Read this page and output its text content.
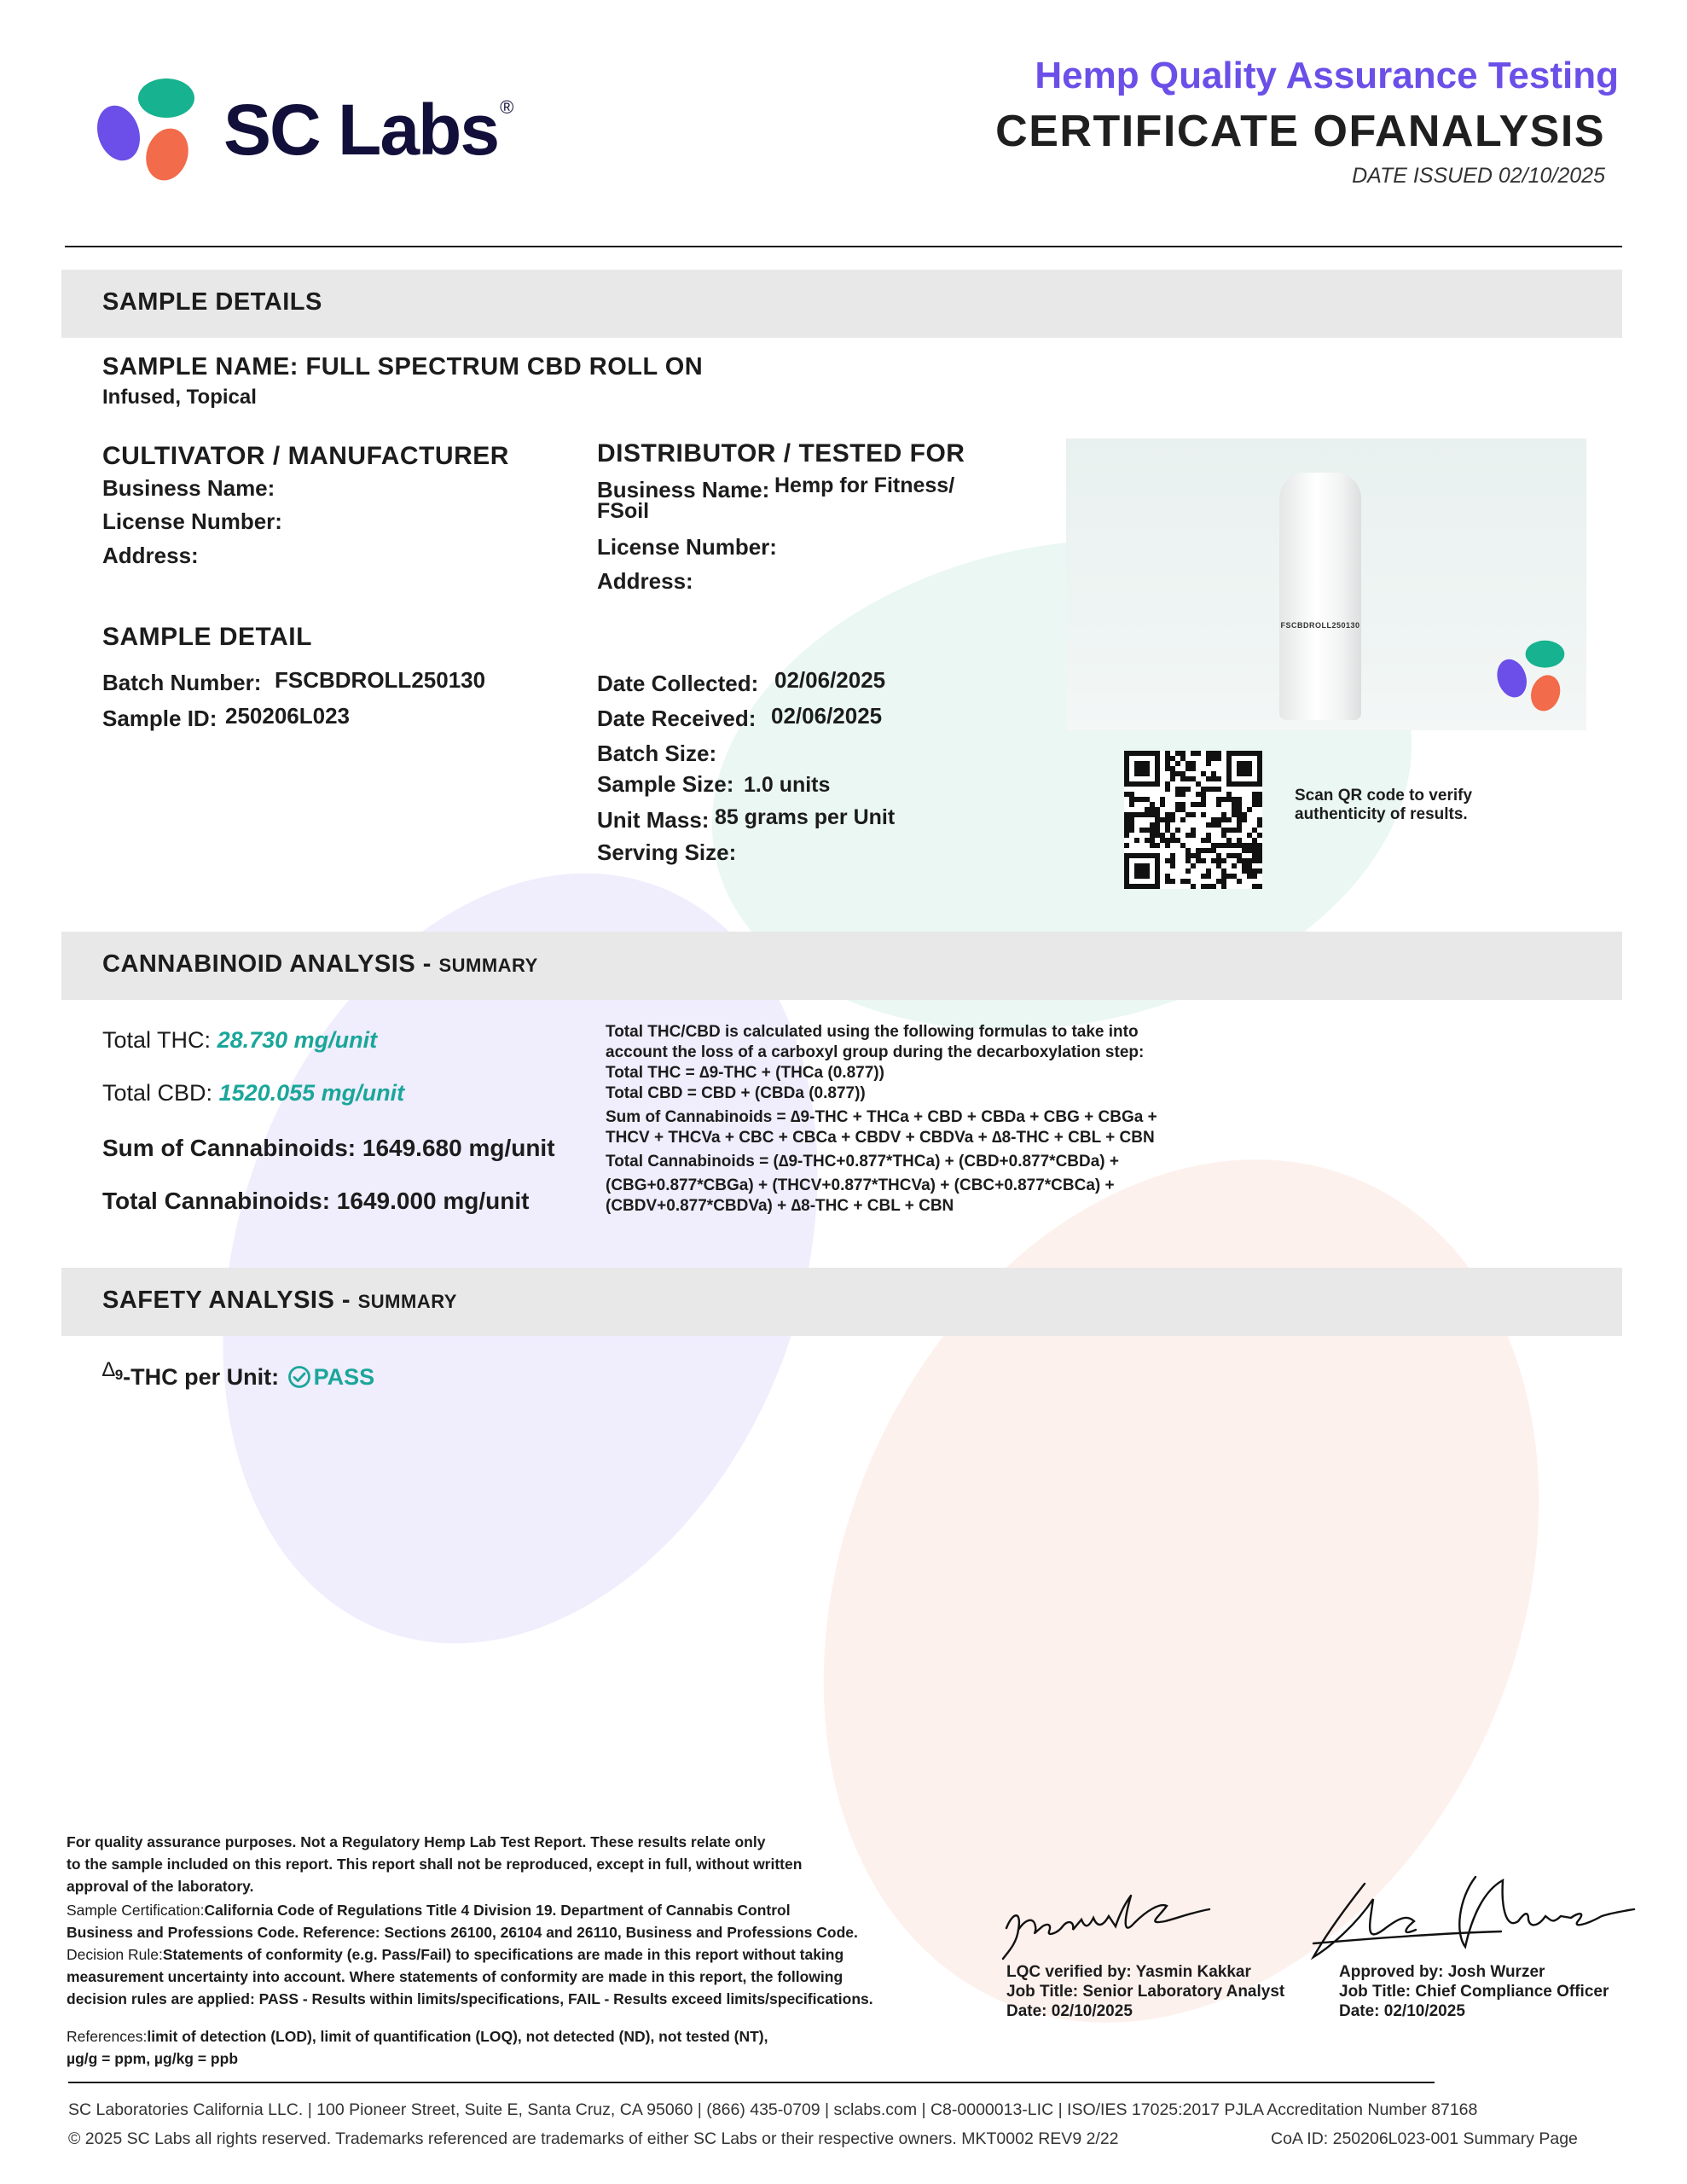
SC Labs®
Hemp Quality Assurance Testing
CERTIFICATE OFANALYSIS
DATE ISSUED 02/10/2025
SAMPLE DETAILS
SAMPLE NAME: FULL SPECTRUM CBD ROLL ON
Infused, Topical
CULTIVATOR / MANUFACTURER
Business Name:
License Number:
Address:
DISTRIBUTOR / TESTED FOR
Business Name: Hemp for Fitness/
FSoil
License Number:
Address:
SAMPLE DETAIL
Batch Number: FSCBDROLL250130
Sample ID: 250206L023
Date Collected: 02/06/2025
Date Received: 02/06/2025
Batch Size:
Sample Size: 1.0 units
Unit Mass: 85 grams per Unit
Serving Size:
FSCBDROLL250130
Scan QR code to verify
authenticity of results.
CANNABINOID ANALYSIS - SUMMARY
Total THC: 28.730 mg/unit
Total CBD: 1520.055 mg/unit
Sum of Cannabinoids: 1649.680 mg/unit
Total Cannabinoids: 1649.000 mg/unit
Total THC/CBD is calculated using the following formulas to take into
account the loss of a carboxyl group during the decarboxylation step:
Total THC = ∆9-THC + (THCa (0.877))
Total CBD = CBD + (CBDa (0.877))
Sum of Cannabinoids = ∆9-THC + THCa + CBD + CBDa + CBG + CBGa +
THCV + THCVa + CBC + CBCa + CBDV + CBDVa + ∆8-THC + CBL + CBN
Total Cannabinoids = (∆9-THC+0.877*THCa) + (CBD+0.877*CBDa) +
(CBG+0.877*CBGa) + (THCV+0.877*THCVa) + (CBC+0.877*CBCa) +
(CBDV+0.877*CBDVa) + ∆8-THC + CBL + CBN
SAFETY ANALYSIS - SUMMARY
∆$^9$-THC per Unit: PASS
For quality assurance purposes. Not a Regulatory Hemp Lab Test Report. These results relate only
to the sample included on this report. This report shall not be reproduced, except in full, without written
approval of the laboratory.
Sample Certification:California Code of Regulations Title 4 Division 19. Department of Cannabis Control
Business and Professions Code. Reference: Sections 26100, 26104 and 26110, Business and Professions Code.
Decision Rule:Statements of conformity (e.g. Pass/Fail) to specifications are made in this report without taking
measurement uncertainty into account. Where statements of conformity are made in this report, the following
decision rules are applied: PASS - Results within limits/specifications, FAIL - Results exceed limits/specifications.
References:limit of detection (LOD), limit of quantification (LOQ), not detected (ND), not tested (NT),
µg/g = ppm, µg/kg = ppb
LQC verified by: Yasmin Kakkar
Job Title: Senior Laboratory Analyst
Date: 02/10/2025
Approved by: Josh Wurzer
Job Title: Chief Compliance Officer
Date: 02/10/2025
SC Laboratories California LLC. | 100 Pioneer Street, Suite E, Santa Cruz, CA 95060 | (866) 435-0709 | sclabs.com | C8-0000013-LIC | ISO/IES 17025:2017 PJLA Accreditation Number 87168
© 2025 SC Labs all rights reserved. Trademarks referenced are trademarks of either SC Labs or their respective owners. MKT0002 REV9 2/22	CoA ID: 250206L023-001 Summary Page
